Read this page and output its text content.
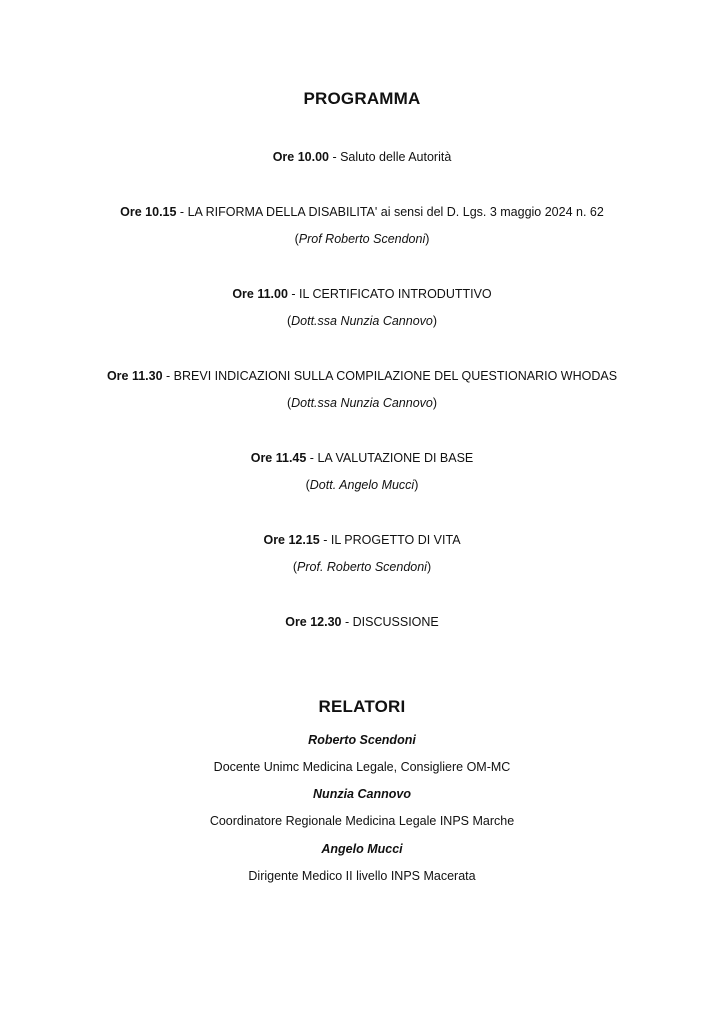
PROGRAMMA
Ore 10.00 - Saluto delle Autorità
Ore 10.15 - LA RIFORMA DELLA DISABILITA' ai sensi del D. Lgs. 3 maggio 2024 n. 62
(Prof Roberto Scendoni)
Ore 11.00 - IL CERTIFICATO INTRODUTTIVO
(Dott.ssa Nunzia Cannovo)
Ore 11.30 - BREVI INDICAZIONI SULLA COMPILAZIONE DEL QUESTIONARIO WHODAS
(Dott.ssa Nunzia Cannovo)
Ore 11.45 - LA VALUTAZIONE DI BASE
(Dott. Angelo Mucci)
Ore 12.15 - IL PROGETTO DI VITA
(Prof. Roberto Scendoni)
Ore 12.30 - DISCUSSIONE
RELATORI
Roberto Scendoni
Docente Unimc Medicina Legale, Consigliere OM-MC
Nunzia Cannovo
Coordinatore Regionale Medicina Legale INPS Marche
Angelo Mucci
Dirigente Medico II livello INPS Macerata
